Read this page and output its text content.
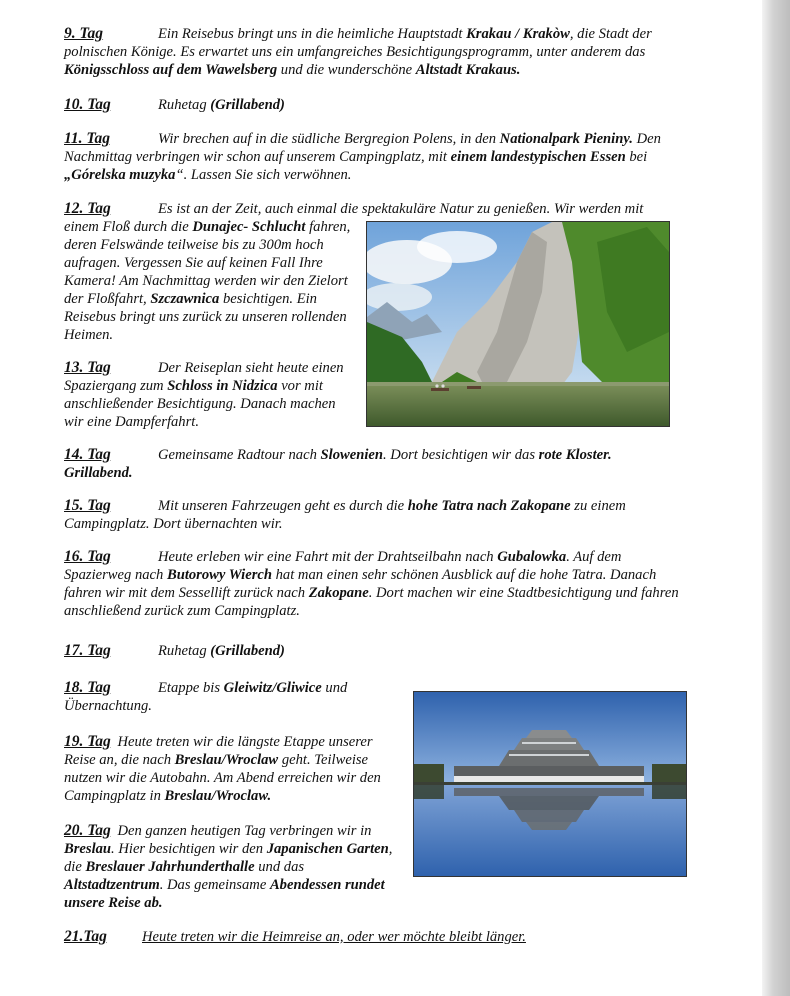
9. Tag	Ein Reisebus bringt uns in die heimliche Hauptstadt Krakau / Krakòw, die Stadt der polnischen Könige. Es erwartet uns ein umfangreiches Besichtigungsprogramm, unter anderem das Königsschloss auf dem Wawelsberg und die wunderschöne Altstadt Krakaus.

10. Tag	Ruhetag (Grillabend)

11. Tag	Wir brechen auf in die südliche Bergregion Polens, in den Nationalpark Pieniny. Den Nachmittag verbringen wir schon auf unserem Campingplatz, mit einem landestypischen Essen bei „Górelska muzyka“. Lassen Sie sich verwöhnen.

12. Tag	Es ist an der Zeit, auch einmal die spektakuläre Natur zu genießen. Wir werden mit

einem Floß durch die Dunajec- Schlucht fahren, deren Felswände teilweise bis zu 300m hoch aufragen. Vergessen Sie auf keinen Fall Ihre Kamera! Am Nachmittag werden wir den Zielort der Floßfahrt, Szczawnica besichtigen. Ein Reisebus bringt uns zurück zu unseren rollenden Heimen.

13. Tag	Der Reiseplan sieht heute einen Spaziergang zum Schloss in Nidzica vor mit anschließender Besichtigung. Danach machen wir eine Dampferfahrt.

14. Tag	Gemeinsame Radtour nach Slowenien. Dort besichtigen wir das rote Kloster.
Grillabend.

15. Tag	Mit unseren Fahrzeugen geht es durch die hohe Tatra nach Zakopane zu einem Campingplatz. Dort übernachten wir.

16. Tag	Heute erleben wir eine Fahrt mit der Drahtseilbahn nach Gubalowka. Auf dem Spazierweg nach Butorowy Wierch hat man einen sehr schönen Ausblick auf die hohe Tatra. Danach fahren wir mit dem Sessellift zurück nach Zakopane. Dort machen wir eine Stadtbesichtigung und fahren anschließend zurück zum Campingplatz.

17. Tag	Ruhetag (Grillabend)

18. Tag	Etappe bis Gleiwitz/Gliwice und Übernachtung.

19. Tag Heute treten wir die längste Etappe unserer Reise an, die nach Breslau/Wroclaw geht. Teilweise nutzen wir die Autobahn. Am Abend erreichen wir den Campingplatz in Breslau/Wroclaw.

20. Tag Den ganzen heutigen Tag verbringen wir in Breslau. Hier besichtigen wir den Japanischen Garten, die Breslauer Jahrhunderthalle und das Altstadtzentrum. Das gemeinsame Abendessen rundet unsere Reise ab.

21.Tag Heute treten wir die Heimreise an, oder wer möchte bleibt länger.
